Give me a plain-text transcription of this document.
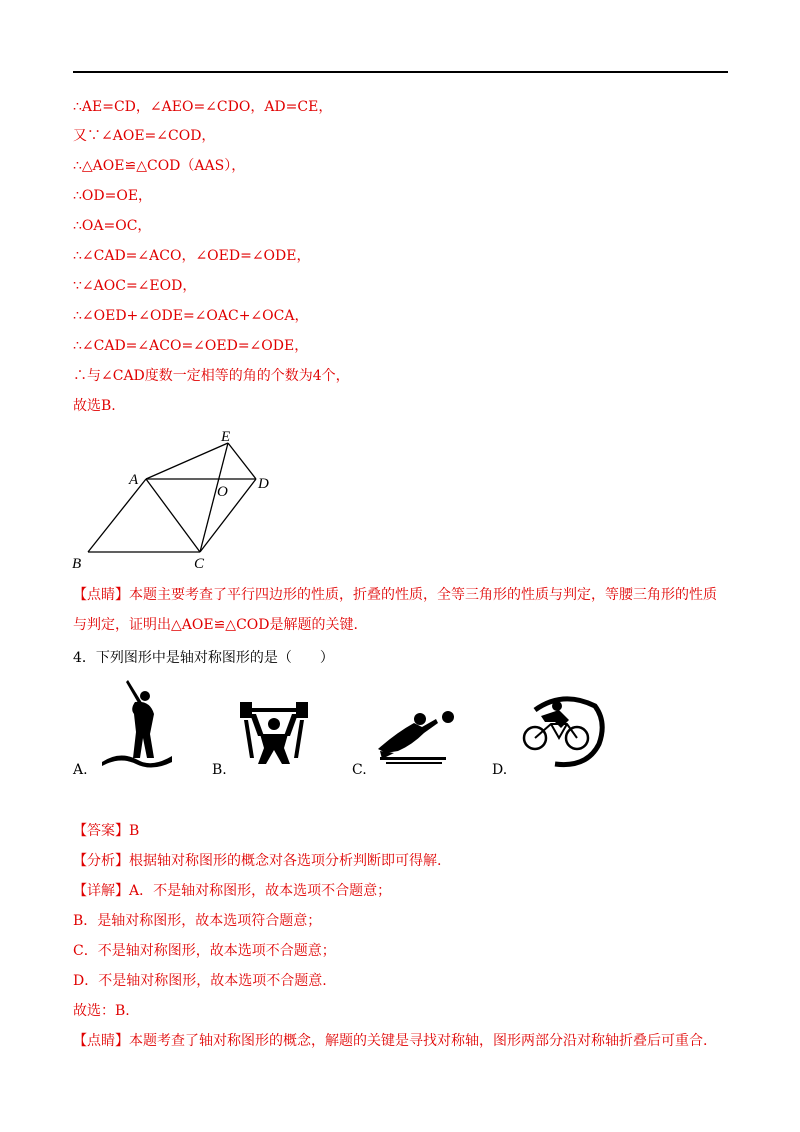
∴AE=CD，∠AEO=∠CDO，AD=CE，
又∵∠AOE=∠COD，
∴△AOE≌△COD（AAS），
∴OD=OE，
∴OA=OC，
∴∠CAD=∠ACO，∠OED=∠ODE，
∵∠AOC=∠EOD，
∴∠OED+∠ODE=∠OAC+∠OCA，
∴∠CAD=∠ACO=∠OED=∠ODE，
∴与∠CAD度数一定相等的角的个数为4个，
故选B.
A
B	C
D
E
O
【点睛】本题主要考查了平行四边形的性质，折叠的性质，全等三角形的性质与判定，等腰三角形的性质与判定，证明出△AOE≌△COD是解题的关键.
4．下列图形中是轴对称图形的是（　　）
A.	B.	C.	D.
【答案】B
【分析】根据轴对称图形的概念对各选项分析判断即可得解.
【详解】A．不是轴对称图形，故本选项不合题意；
B．是轴对称图形，故本选项符合题意；
C．不是轴对称图形，故本选项不合题意；
D．不是轴对称图形，故本选项不合题意.
故选：B.
【点睛】本题考查了轴对称图形的概念，解题的关键是寻找对称轴，图形两部分沿对称轴折叠后可重合.
